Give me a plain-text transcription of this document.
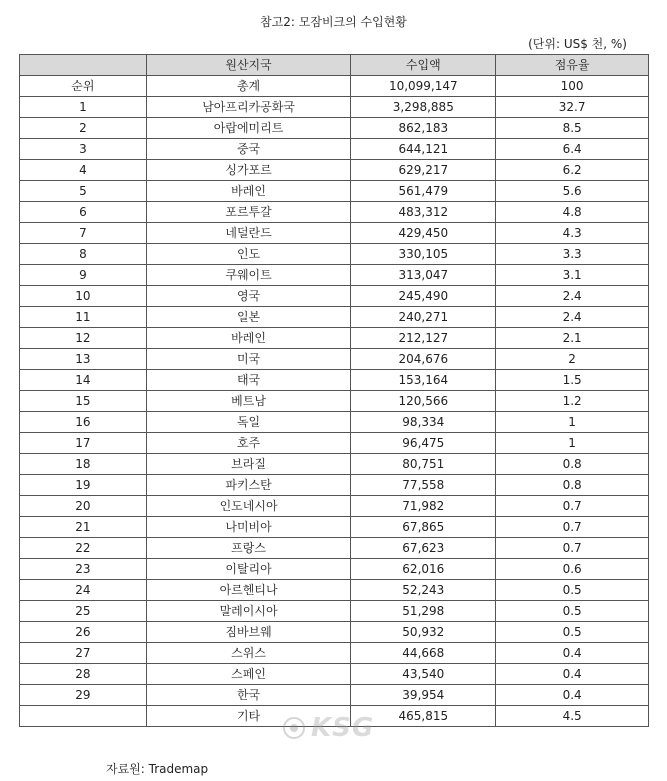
참고2: 모잠비크의 수입현황
(단위: US$ 천, %)
	원산지국	수입액	점유율
순위	총계	10,099,147	100
1	남아프리카공화국	3,298,885	32.7
2	아랍에미리트	862,183	8.5
3	중국	644,121	6.4
4	싱가포르	629,217	6.2
5	바레인	561,479	5.6
6	포르투갈	483,312	4.8
7	네덜란드	429,450	4.3
8	인도	330,105	3.3
9	쿠웨이트	313,047	3.1
10	영국	245,490	2.4
11	일본	240,271	2.4
12	바레인	212,127	2.1
13	미국	204,676	2
14	태국	153,164	1.5
15	베트남	120,566	1.2
16	독일	98,334	1
17	호주	96,475	1
18	브라질	80,751	0.8
19	파키스탄	77,558	0.8
20	인도네시아	71,982	0.7
21	나미비아	67,865	0.7
22	프랑스	67,623	0.7
23	이탈리아	62,016	0.6
24	아르헨티나	52,243	0.5
25	말레이시아	51,298	0.5
26	짐바브웨	50,932	0.5
27	스위스	44,668	0.4
28	스페인	43,540	0.4
29	한국	39,954	0.4
	기타	465,815	4.5
KSG
자료원: Trademap
